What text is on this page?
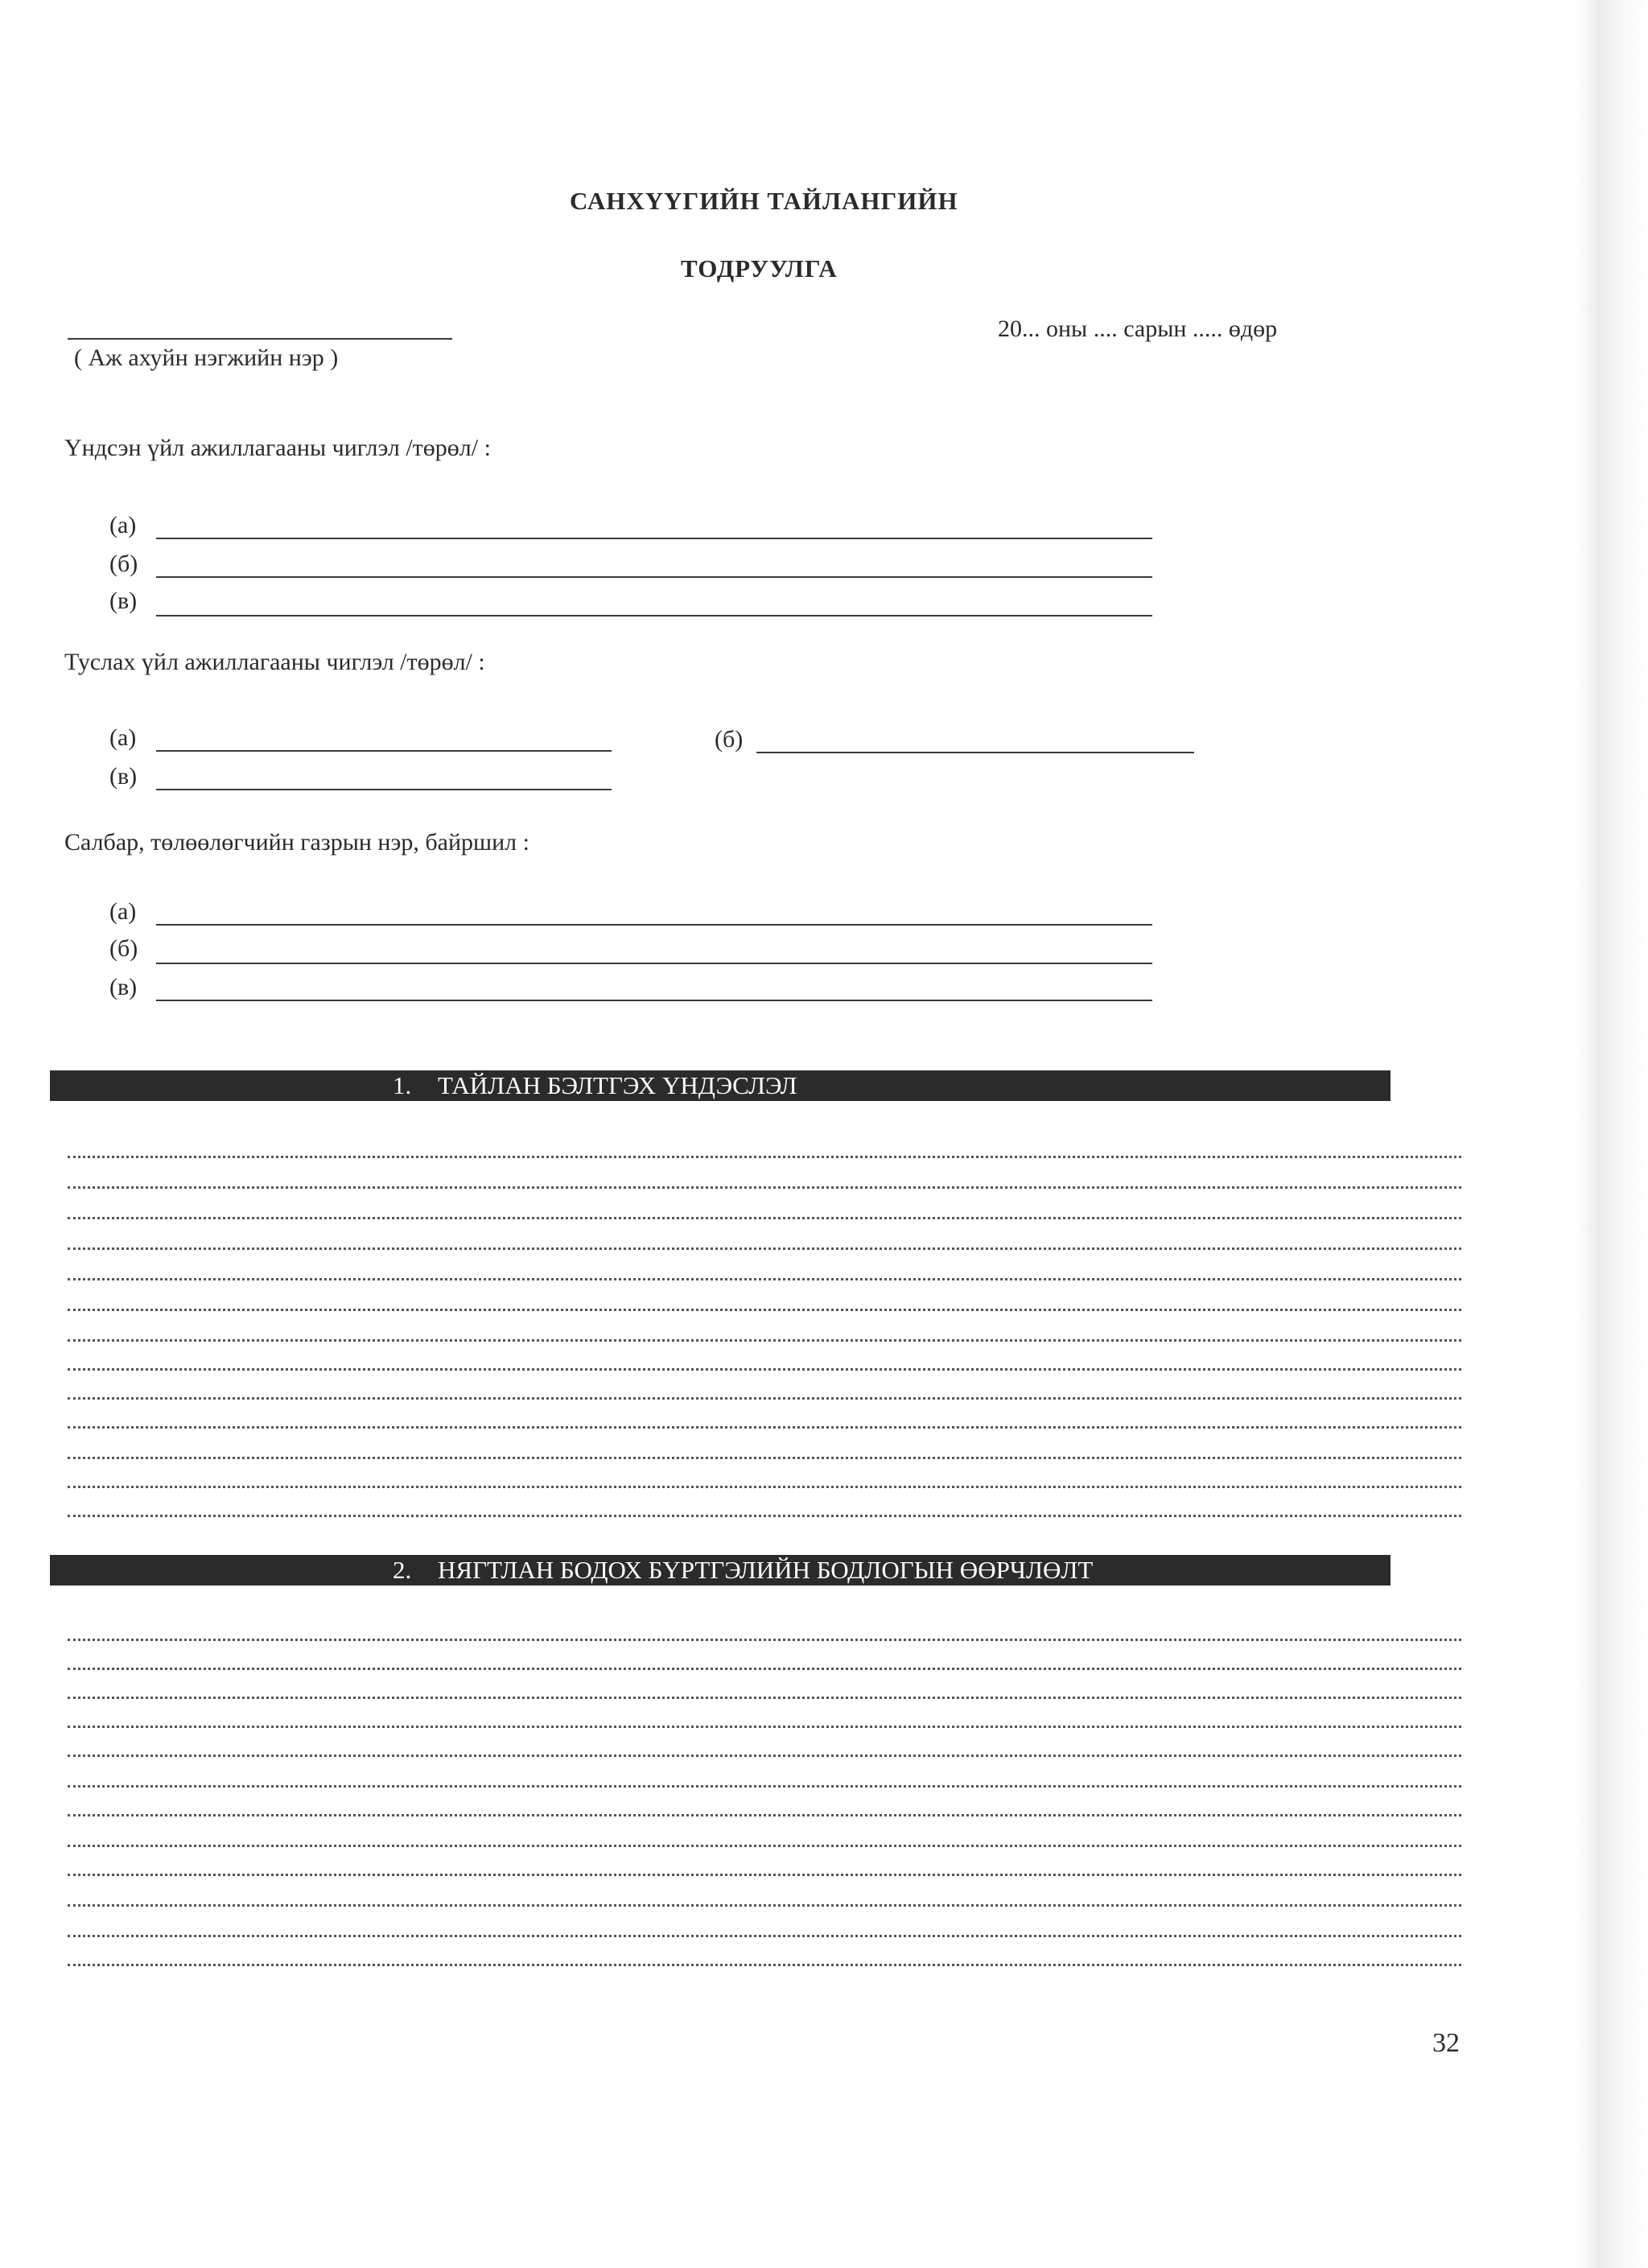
САНХҮҮГИЙН ТАЙЛАНГИЙН
ТОДРУУЛГА
( Аж ахуйн нэгжийн нэр )
20... оны .... сарын ..... өдөр
Үндсэн үйл ажиллагааны чиглэл /төрөл/ :
(а)
(б)
(в)
Туслах үйл ажиллагааны чиглэл /төрөл/ :
(а)	(б)
(в)
Салбар, төлөөлөгчийн газрын нэр, байршил :
(а)
(б)
(в)
1. ТАЙЛАН БЭЛТГЭХ ҮНДЭСЛЭЛ
2. НЯГТЛАН БОДОХ БҮРТГЭЛИЙН БОДЛОГЫН ӨӨРЧЛӨЛТ
32
